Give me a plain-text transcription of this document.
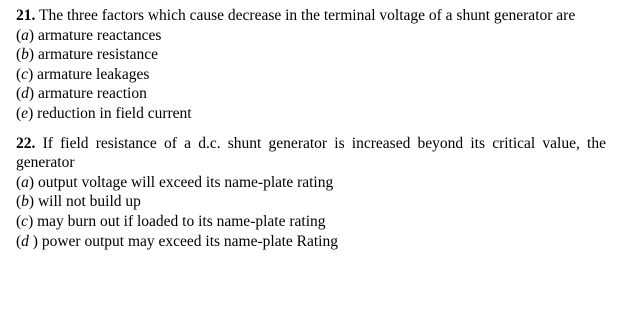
21. The three factors which cause decrease in the terminal voltage of a shunt generator are
(a) armature reactances
(b) armature resistance
(c) armature leakages
(d) armature reaction
(e) reduction in field current
22. If field resistance of a d.c. shunt generator is increased beyond its critical value, the generator
(a) output voltage will exceed its name-plate rating
(b) will not build up
(c) may burn out if loaded to its name-plate rating
(d ) power output may exceed its name-plate Rating
